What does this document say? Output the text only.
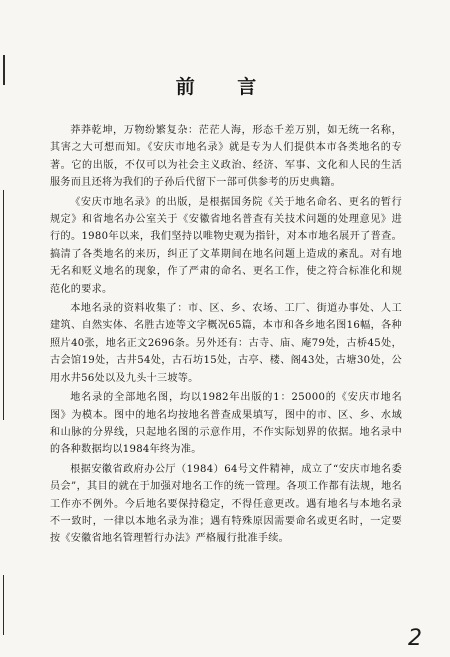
前 言

莽莽乾坤，万物纷繁复杂：茫茫人海，形态千差万别，如无统一名称，其害之大可想而知。《安庆市地名录》就是专为人们提供本市各类地名的专著。它的出版，不仅可以为社会主义政治、经济、军事、文化和人民的生活服务而且还将为我们的子孙后代留下一部可供参考的历史典籍。

《安庆市地名录》的出版，是根据国务院《关于地名命名、更名的暂行规定》和省地名办公室关于《安徽省地名普查有关技术问题的处理意见》进行的。1980年以来，我们坚持以唯物史观为指针，对本市地名展开了普查。搞清了各类地名的来历，纠正了文革期间在地名问题上造成的紊乱。对有地无名和贬义地名的现象，作了严肃的命名、更名工作，使之符合标准化和规范化的要求。

本地名录的资料收集了：市、区、乡、农场、工厂、街道办事处、人工建筑、自然实体、名胜古迹等文字概况65篇，本市和各乡地名图16幅，各种照片40张，地名正文2696条。另外还有：古寺、庙、庵79处，古桥45处，古会馆19处，古井54处，古石坊15处，古亭、楼、阁43处，古塘30处，公用水井56处以及九头十三坡等。

地名录的全部地名图，均以1982年出版的1：25000的《安庆市地名图》为模本。图中的地名均按地名普查成果填写，图中的市、区、乡、水域和山脉的分界线，只起地名图的示意作用，不作实际划界的依据。地名录中的各种数据均以1984年终为准。

根据安徽省政府办公厅（1984）64号文件精神，成立了“安庆市地名委员会”，其目的就在于加强对地名工作的统一管理。各项工作都有法规，地名工作亦不例外。今后地名要保持稳定，不得任意更改。遇有地名与本地名录不一致时，一律以本地名录为准；遇有特殊原因需要命名或更名时，一定要按《安徽省地名管理暂行办法》严格履行批准手续。

2
